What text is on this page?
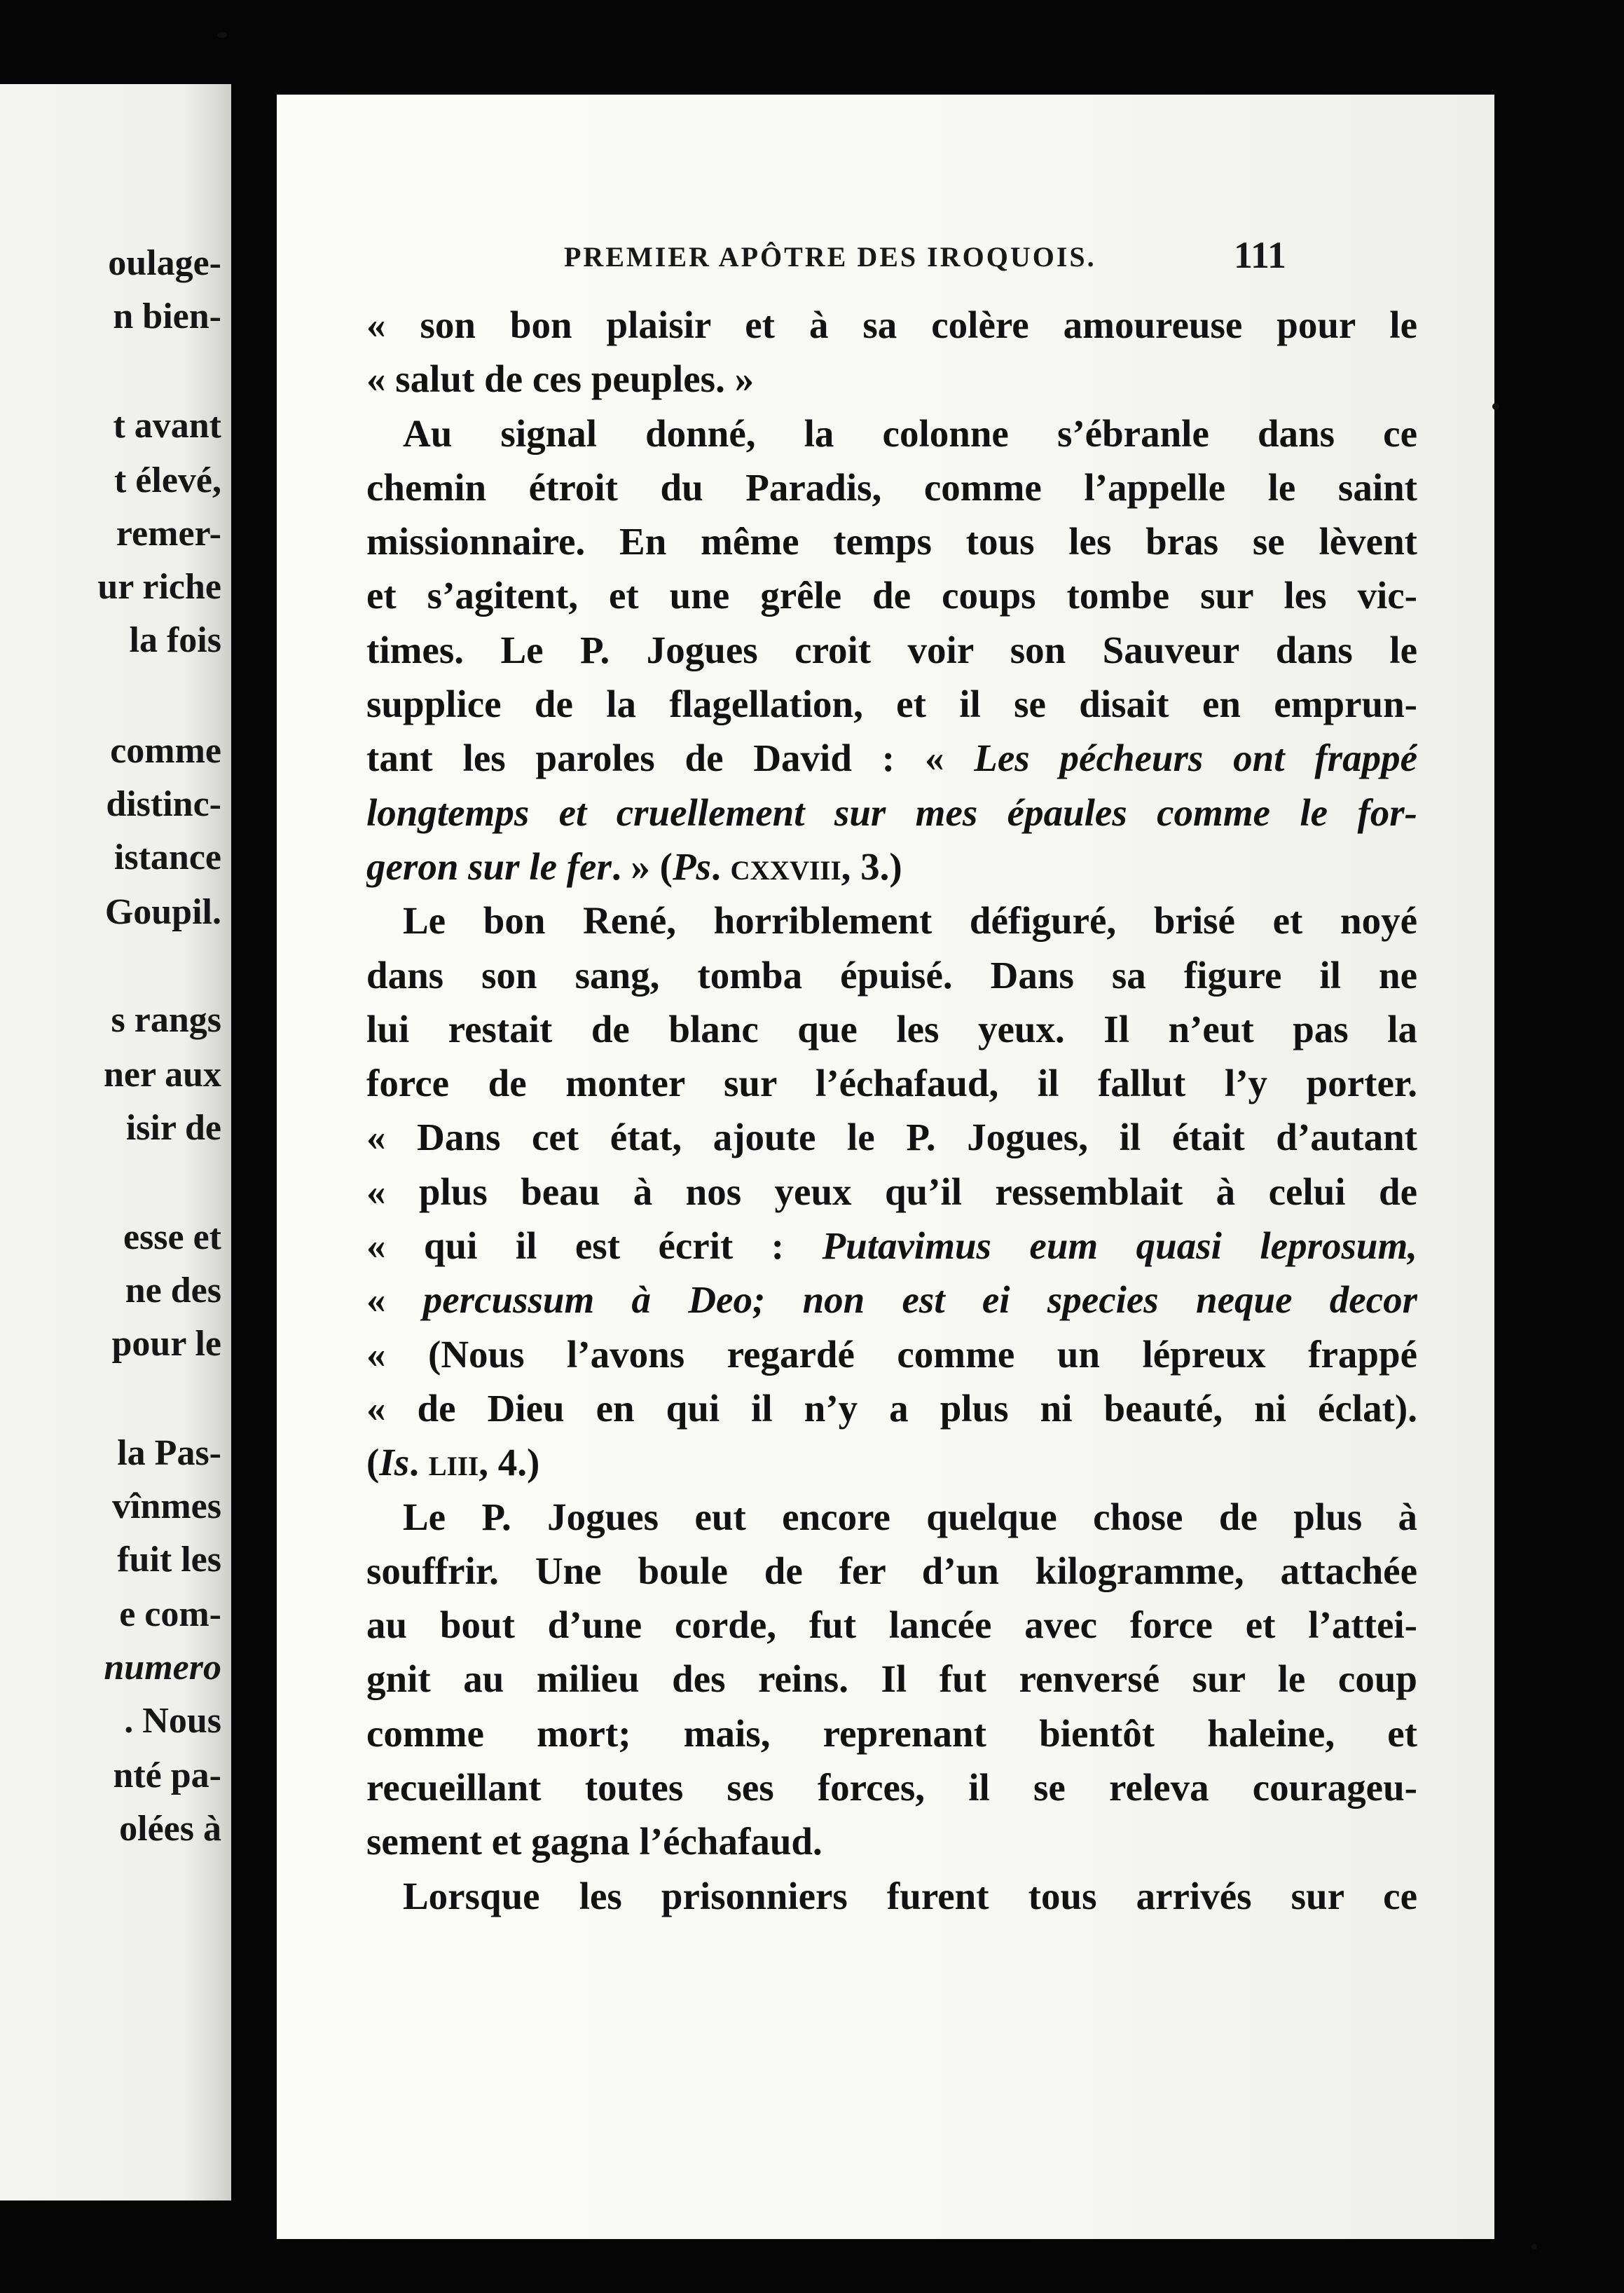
oulage-
n bien-
t avant
t élevé,
remer-
ur riche
la fois
comme
distinc-
istance
Goupil.
s rangs
ner aux
isir de
esse et
ne des
pour le
la Pas-
vînmes
fuit les
e com-
numero
. Nous
nté pa-
olées à
PREMIER APÔTRE DES IROQUOIS.	111
« son bon plaisir et à sa colère amoureuse pour le
« salut de ces peuples. »
Au signal donné, la colonne s’ébranle dans ce
chemin étroit du Paradis, comme l’appelle le saint
missionnaire. En même temps tous les bras se lèvent
et s’agitent, et une grêle de coups tombe sur les vic-
times. Le P. Jogues croit voir son Sauveur dans le
supplice de la flagellation, et il se disait en emprun-
tant les paroles de David : « Les pécheurs ont frappé
longtemps et cruellement sur mes épaules comme le for-
geron sur le fer. » (Ps. cxxviii, 3.)
Le bon René, horriblement défiguré, brisé et noyé
dans son sang, tomba épuisé. Dans sa figure il ne
lui restait de blanc que les yeux. Il n’eut pas la
force de monter sur l’échafaud, il fallut l’y porter.
« Dans cet état, ajoute le P. Jogues, il était d’autant
« plus beau à nos yeux qu’il ressemblait à celui de
« qui il est écrit : Putavimus eum quasi leprosum,
« percussum à Deo; non est ei species neque decor
« (Nous l’avons regardé comme un lépreux frappé
« de Dieu en qui il n’y a plus ni beauté, ni éclat).
(Is. liii, 4.)
Le P. Jogues eut encore quelque chose de plus à
souffrir. Une boule de fer d’un kilogramme, attachée
au bout d’une corde, fut lancée avec force et l’attei-
gnit au milieu des reins. Il fut renversé sur le coup
comme mort; mais, reprenant bientôt haleine, et
recueillant toutes ses forces, il se releva courageu-
sement et gagna l’échafaud.
Lorsque les prisonniers furent tous arrivés sur ce
